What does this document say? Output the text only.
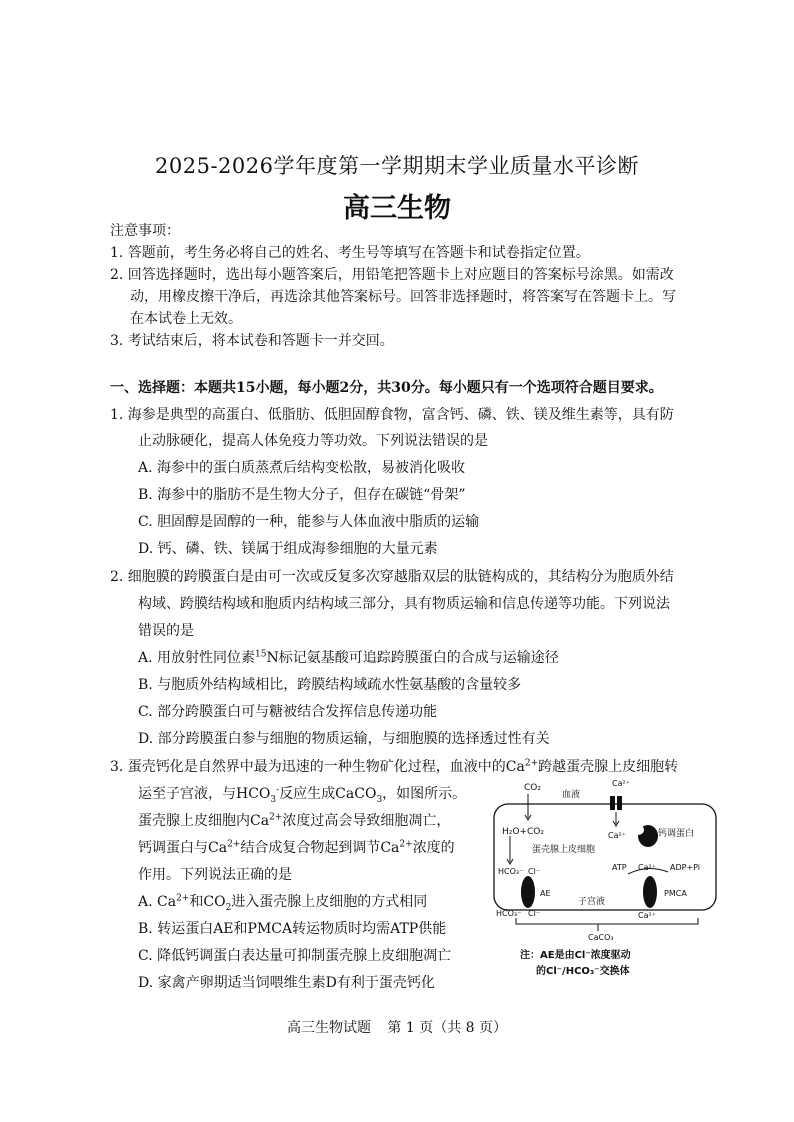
2025-2026学年度第一学期期末学业质量水平诊断
高三生物
注意事项：
1. 答题前，考生务必将自己的姓名、考生号等填写在答题卡和试卷指定位置。
2. 回答选择题时，选出每小题答案后，用铅笔把答题卡上对应题目的答案标号涂黑。如需改
动，用橡皮擦干净后，再选涂其他答案标号。回答非选择题时，将答案写在答题卡上。写
在本试卷上无效。
3. 考试结束后，将本试卷和答题卡一并交回。
一、选择题：本题共15小题，每小题2分，共30分。每小题只有一个选项符合题目要求。
1. 海参是典型的高蛋白、低脂肪、低胆固醇食物，富含钙、磷、铁、镁及维生素等，具有防
止动脉硬化，提高人体免疫力等功效。下列说法错误的是
A. 海参中的蛋白质蒸煮后结构变松散，易被消化吸收
B. 海参中的脂肪不是生物大分子，但存在碳链“骨架”
C. 胆固醇是固醇的一种，能参与人体血液中脂质的运输
D. 钙、磷、铁、镁属于组成海参细胞的大量元素
2. 细胞膜的跨膜蛋白是由可一次或反复多次穿越脂双层的肽链构成的，其结构分为胞质外结
构域、跨膜结构域和胞质内结构域三部分，具有物质运输和信息传递等功能。下列说法
错误的是
A. 用放射性同位素$^{15}$N标记氨基酸可追踪跨膜蛋白的合成与运输途径
B. 与胞质外结构域相比，跨膜结构域疏水性氨基酸的含量较多
C. 部分跨膜蛋白可与糖被结合发挥信息传递功能
D. 部分跨膜蛋白参与细胞的物质运输，与细胞膜的选择透过性有关
3. 蛋壳钙化是自然界中最为迅速的一种生物矿化过程，血液中的$Ca^{2+}$跨越蛋壳腺上皮细胞转
运至子宫液，与$HCO_3^-$反应生成CaCO$_3$，如图所示。
蛋壳腺上皮细胞内$Ca^{2+}$浓度过高会导致细胞凋亡，
钙调蛋白与$Ca^{2+}$结合成复合物起到调节$Ca^{2+}$浓度的
作用。下列说法正确的是
A. $Ca^{2+}$和$CO_2$进入蛋壳腺上皮细胞的方式相同
B. 转运蛋白AE和PMCA转运物质时均需ATP供能
C. 降低钙调蛋白表达量可抑制蛋壳腺上皮细胞凋亡
D. 家禽产卵期适当饲喂维生素D有利于蛋壳钙化
CO₂
血液
Ca²⁺
H₂O+CO₂	Ca²⁺	钙调蛋白
蛋壳腺上皮细胞
ATP Ca²⁺ ADP+Pi
HCO₃⁻ Cl⁻
AE	PMCA
子宫液
HCO₃⁻ Cl⁻	Ca²⁺
CaCO₃
注：AE是由Cl⁻浓度驱动
的Cl⁻/HCO₃⁻交换体
高三生物试题 第 1 页（共 8 页）
